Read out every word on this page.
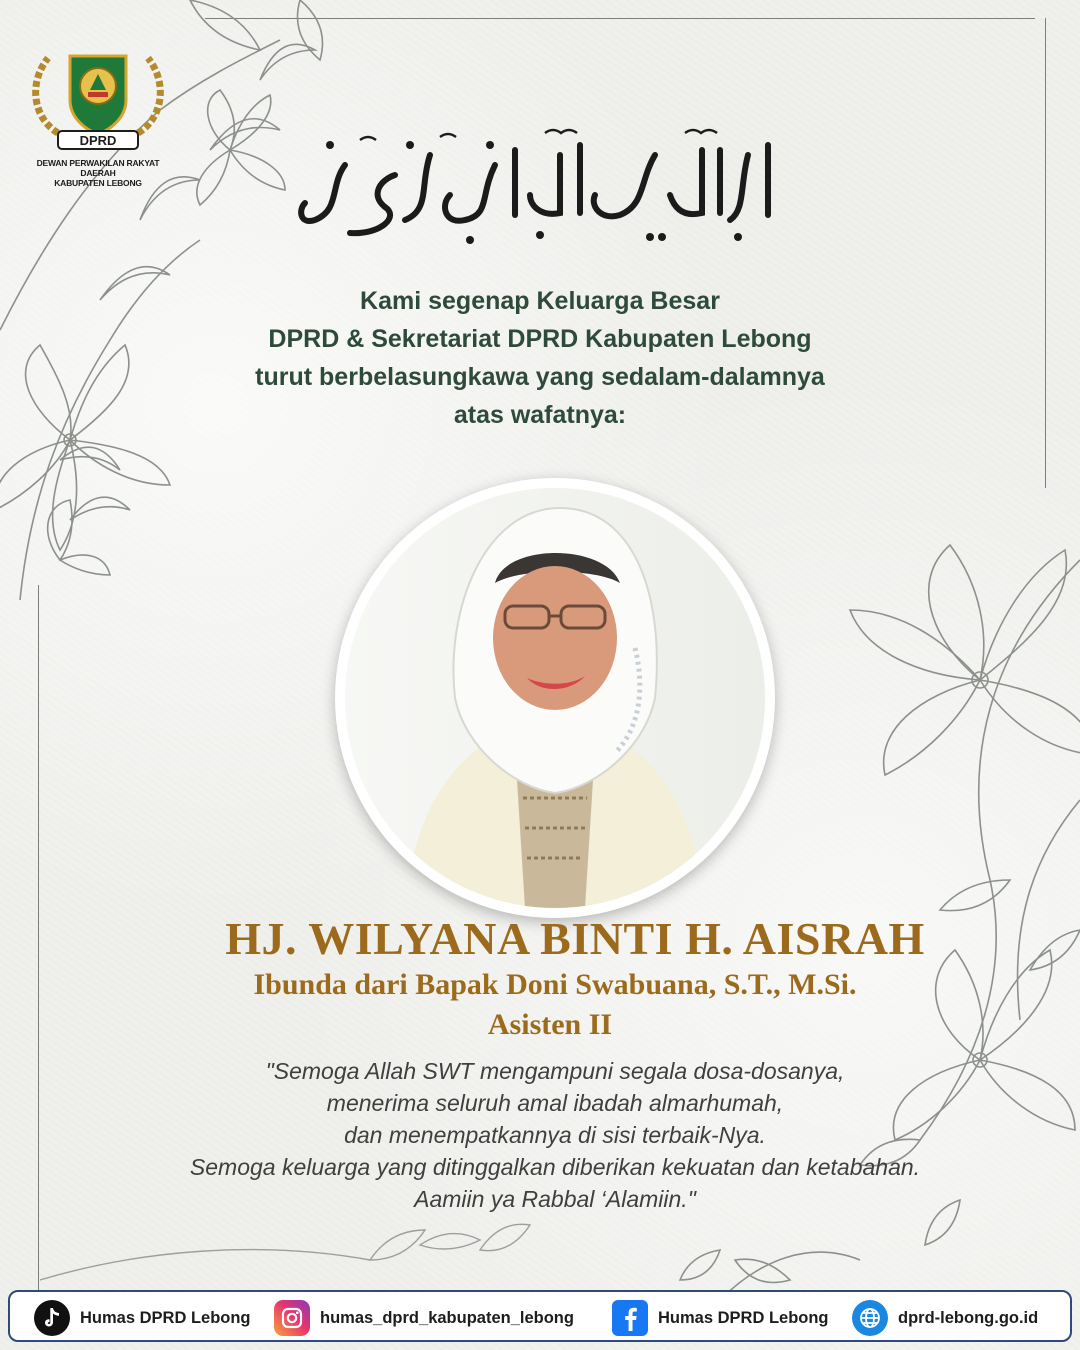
DPRD
DEWAN PERWAKILAN RAKYAT DAERAH
KABUPATEN LEBONG
Kami segenap Keluarga Besar
DPRD & Sekretariat DPRD Kabupaten Lebong
turut berbelasungkawa yang sedalam-dalamnya
atas wafatnya:
HJ. WILYANA BINTI H. AISRAH
Ibunda dari Bapak Doni Swabuana, S.T., M.Si.
Asisten II
"Semoga Allah SWT mengampuni segala dosa-dosanya,
menerima seluruh amal ibadah almarhumah,
dan menempatkannya di sisi terbaik-Nya.
Semoga keluarga yang ditinggalkan diberikan kekuatan dan ketabahan.
Aamiin ya Rabbal ‘Alamiin."
Humas DPRD Lebong	humas_dprd_kabupaten_lebong	Humas DPRD Lebong	dprd-lebong.go.id
